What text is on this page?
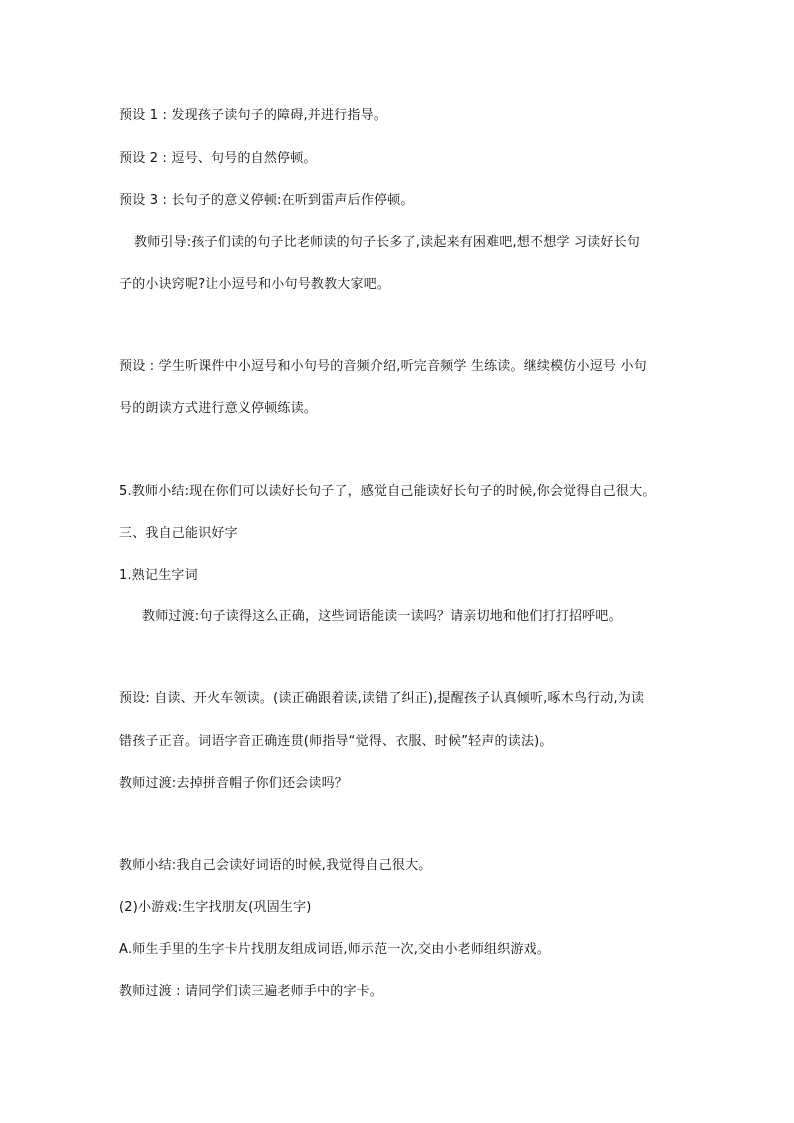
预设 1 : 发现孩子读句子的障碍,并进行指导。
预设 2 : 逗号、句号的自然停顿。
预设 3 : 长句子的意义停顿:在听到雷声后作停顿。
教师引导:孩子们读的句子比老师读的句子长多了,读起来有困难吧,想不想学 习读好长句
子的小诀窍呢?让小逗号和小句号教教大家吧。
预设 : 学生听课件中小逗号和小句号的音频介绍,听完音频学 生练读。继续模仿小逗号 小句
号的朗读方式进行意义停顿练读。
5.教师小结:现在你们可以读好长句子了，感觉自己能读好长句子的时候,你会觉得自己很大。
三、我自己能识好字
1.熟记生字词
教师过渡:句子读得这么正确，这些词语能读一读吗？请亲切地和他们打打招呼吧。
预设: 自读、开火车领读。(读正确跟着读,读错了纠正),提醒孩子认真倾听,啄木鸟行动,为读
错孩子正音。词语字音正确连贯(师指导“觉得、衣服、时候”轻声的读法)。
教师过渡:去掉拼音帽子你们还会读吗？
教师小结:我自己会读好词语的时候,我觉得自己很大。
(2)小游戏:生字找朋友(巩固生字)
A.师生手里的生字卡片找朋友组成词语,师示范一次,交由小老师组织游戏。
教师过渡 : 请同学们读三遍老师手中的字卡。
